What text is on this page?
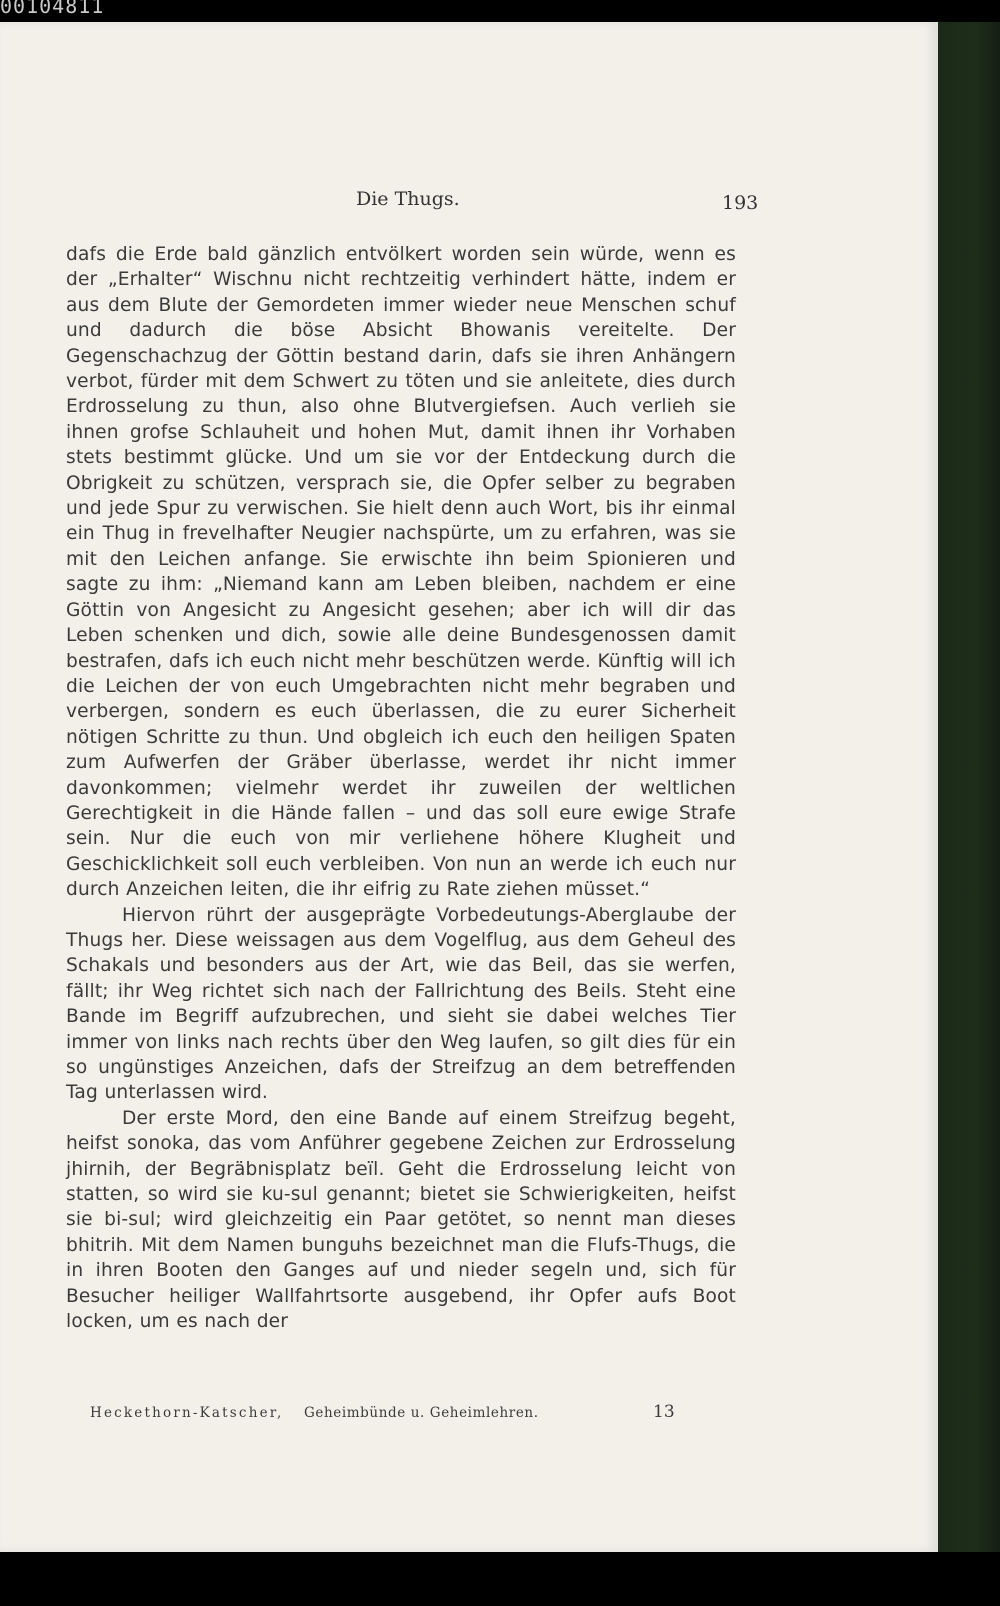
00104811
Die Thugs.	193

dafs die Erde bald gänzlich entvölkert worden sein würde, wenn es der „Erhalter“ Wischnu nicht rechtzeitig verhindert hätte, indem er aus dem Blute der Gemordeten immer wieder neue Menschen schuf und dadurch die böse Absicht Bhowanis vereitelte. Der Gegenschachzug der Göttin bestand darin, dafs sie ihren Anhängern verbot, fürder mit dem Schwert zu töten und sie anleitete, dies durch Erdrosselung zu thun, also ohne Blutvergiefsen. Auch verlieh sie ihnen grofse Schlauheit und hohen Mut, damit ihnen ihr Vorhaben stets bestimmt glücke. Und um sie vor der Entdeckung durch die Obrigkeit zu schützen, versprach sie, die Opfer selber zu begraben und jede Spur zu verwischen. Sie hielt denn auch Wort, bis ihr einmal ein Thug in frevelhafter Neugier nachspürte, um zu erfahren, was sie mit den Leichen anfange. Sie erwischte ihn beim Spionieren und sagte zu ihm: „Niemand kann am Leben bleiben, nachdem er eine Göttin von Angesicht zu Angesicht gesehen; aber ich will dir das Leben schenken und dich, sowie alle deine Bundesgenossen damit bestrafen, dafs ich euch nicht mehr beschützen werde. Künftig will ich die Leichen der von euch Umgebrachten nicht mehr begraben und verbergen, sondern es euch überlassen, die zu eurer Sicherheit nötigen Schritte zu thun. Und obgleich ich euch den heiligen Spaten zum Aufwerfen der Gräber überlasse, werdet ihr nicht immer davonkommen; vielmehr werdet ihr zuweilen der weltlichen Gerechtigkeit in die Hände fallen – und das soll eure ewige Strafe sein. Nur die euch von mir verliehene höhere Klugheit und Geschicklichkeit soll euch verbleiben. Von nun an werde ich euch nur durch Anzeichen leiten, die ihr eifrig zu Rate ziehen müsset.“

Hiervon rührt der ausgeprägte Vorbedeutungs-Aberglaube der Thugs her. Diese weissagen aus dem Vogelflug, aus dem Geheul des Schakals und besonders aus der Art, wie das Beil, das sie werfen, fällt; ihr Weg richtet sich nach der Fallrichtung des Beils. Steht eine Bande im Begriff aufzubrechen, und sieht sie dabei welches Tier immer von links nach rechts über den Weg laufen, so gilt dies für ein so ungünstiges Anzeichen, dafs der Streifzug an dem betreffenden Tag unterlassen wird.

Der erste Mord, den eine Bande auf einem Streifzug begeht, heifst sonoka, das vom Anführer gegebene Zeichen zur Erdrosselung jhirnih, der Begräbnisplatz beïl. Geht die Erdrosselung leicht von statten, so wird sie ku-sul genannt; bietet sie Schwierigkeiten, heifst sie bi-sul; wird gleichzeitig ein Paar getötet, so nennt man dieses bhitrih. Mit dem Namen bunguhs bezeichnet man die Flufs-Thugs, die in ihren Booten den Ganges auf und nieder segeln und, sich für Besucher heiliger Wallfahrtsorte ausgebend, ihr Opfer aufs Boot locken, um es nach der

Heckethorn-Katscher, Geheimbünde u. Geheimlehren.	13
